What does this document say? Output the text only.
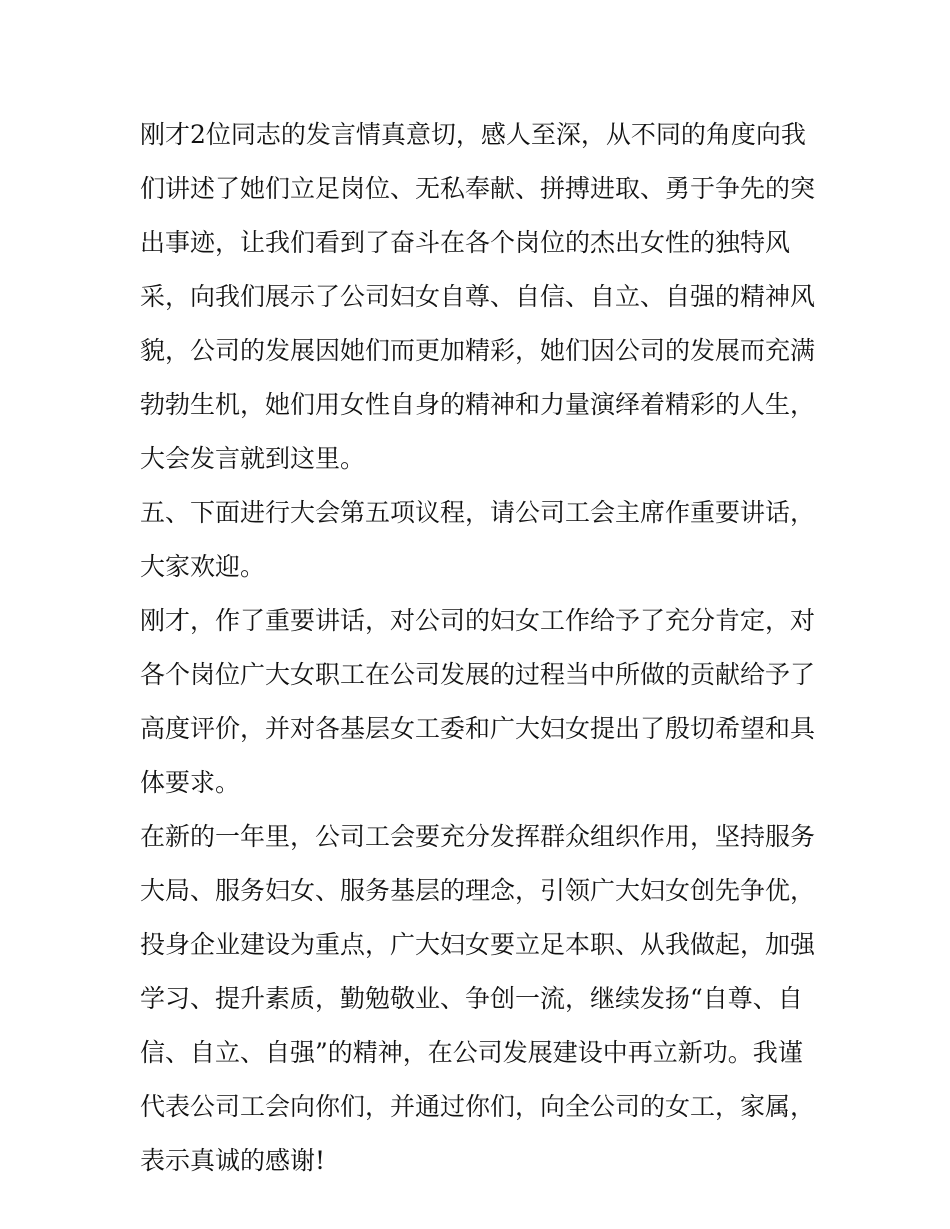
刚才2位同志的发言情真意切，感人至深，从不同的角度向我
们讲述了她们立足岗位、无私奉献、拼搏进取、勇于争先的突
出事迹，让我们看到了奋斗在各个岗位的杰出女性的独特风
采，向我们展示了公司妇女自尊、自信、自立、自强的精神风
貌，公司的发展因她们而更加精彩，她们因公司的发展而充满
勃勃生机，她们用女性自身的精神和力量演绎着精彩的人生，
大会发言就到这里。
五、下面进行大会第五项议程，请公司工会主席作重要讲话，
大家欢迎。
刚才，作了重要讲话，对公司的妇女工作给予了充分肯定，对
各个岗位广大女职工在公司发展的过程当中所做的贡献给予了
高度评价，并对各基层女工委和广大妇女提出了殷切希望和具
体要求。
在新的一年里，公司工会要充分发挥群众组织作用，坚持服务
大局、服务妇女、服务基层的理念，引领广大妇女创先争优，
投身企业建设为重点，广大妇女要立足本职、从我做起，加强
学习、提升素质，勤勉敬业、争创一流，继续发扬“自尊、自
信、自立、自强”的精神，在公司发展建设中再立新功。我谨
代表公司工会向你们，并通过你们，向全公司的女工，家属，
表示真诚的感谢!
